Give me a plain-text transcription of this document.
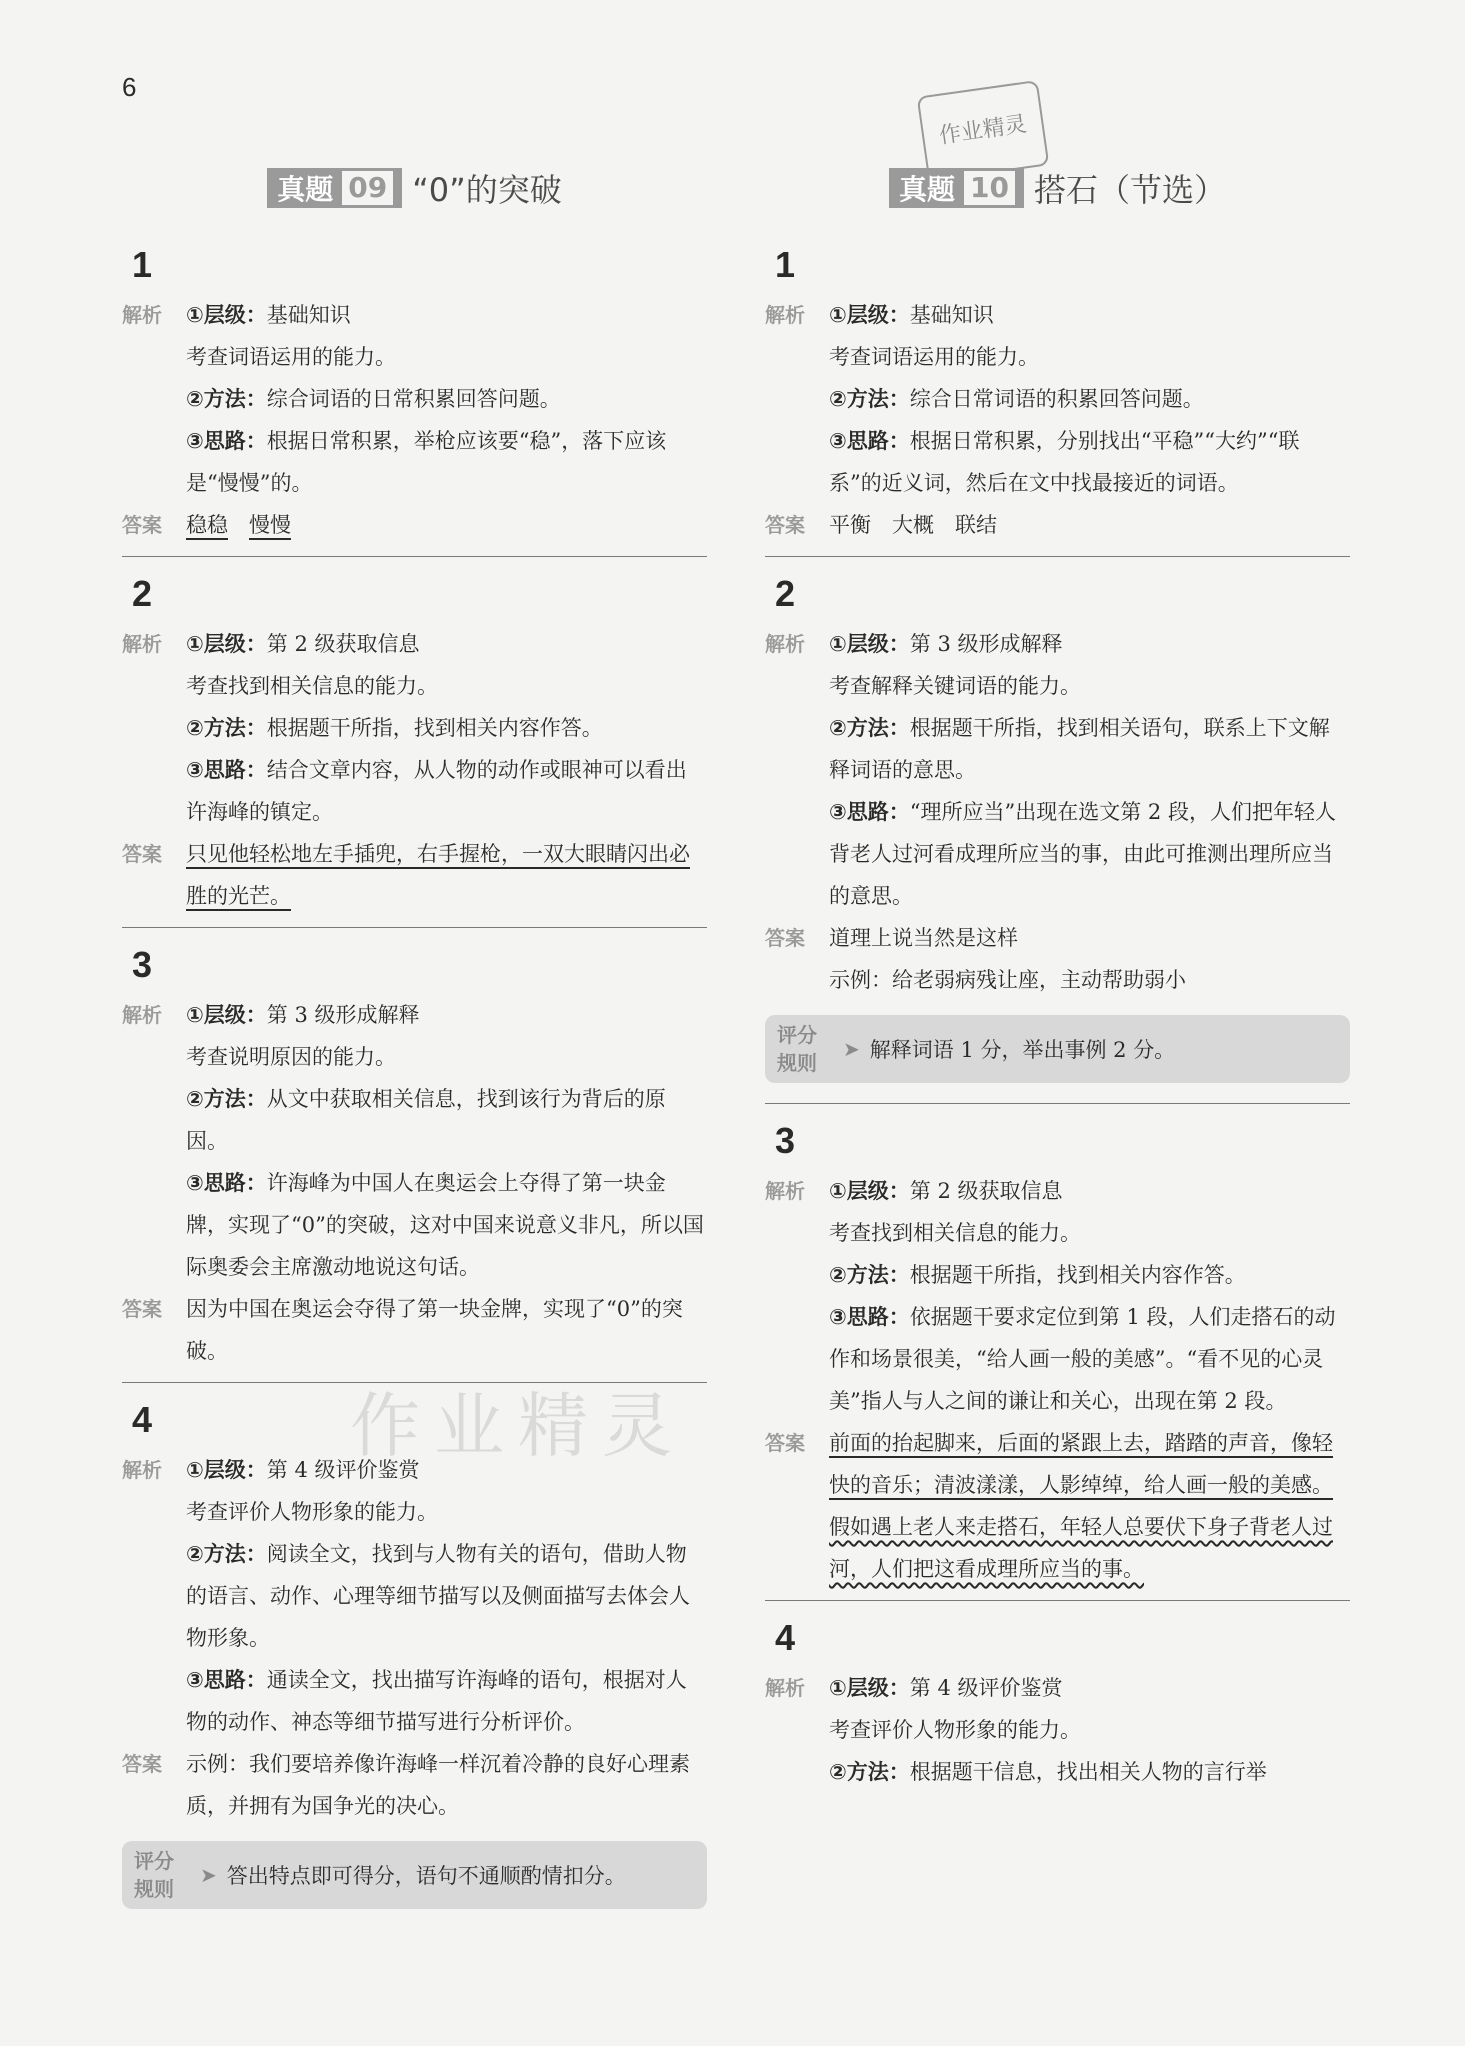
6
作业精灵
作业精灵
真题 09 “0”的突破
1
解析	①层级：基础知识

考查词语运用的能力。

②方法：综合词语的日常积累回答问题。

③思路：根据日常积累，举枪应该要“稳”，落下应该是“慢慢”的。

答案	稳稳　 慢慢
2
解析	①层级：第 2 级获取信息

考查找到相关信息的能力。

②方法：根据题干所指，找到相关内容作答。

③思路：结合文章内容，从人物的动作或眼神可以看出许海峰的镇定。

答案	只见他轻松地左手插兜，右手握枪，一双大眼睛闪出必胜的光芒。
3
解析	①层级：第 3 级形成解释

考查说明原因的能力。

②方法：从文中获取相关信息，找到该行为背后的原因。

③思路：许海峰为中国人在奥运会上夺得了第一块金牌，实现了“0”的突破，这对中国来说意义非凡，所以国际奥委会主席激动地说这句话。

答案	因为中国在奥运会夺得了第一块金牌，实现了“0”的突破。
4
解析	①层级：第 4 级评价鉴赏

考查评价人物形象的能力。

②方法：阅读全文，找到与人物有关的语句，借助人物的语言、动作、心理等细节描写以及侧面描写去体会人物形象。

③思路：通读全文，找出描写许海峰的语句，根据对人物的动作、神态等细节描写进行分析评价。

答案	示例：我们要培养像许海峰一样沉着冷静的良好心理素质，并拥有为国争光的决心。
评分规则
➤ 答出特点即可得分，语句不通顺酌情扣分。
真题 10 搭石（节选）
1
解析	①层级：基础知识

考查词语运用的能力。

②方法：综合日常词语的积累回答问题。

③思路：根据日常积累，分别找出“平稳”“大约”“联系”的近义词，然后在文中找最接近的词语。

答案	平衡　大概　联结
2
解析	①层级：第 3 级形成解释

考查解释关键词语的能力。

②方法：根据题干所指，找到相关语句，联系上下文解释词语的意思。

③思路：“理所应当”出现在选文第 2 段，人们把年轻人背老人过河看成理所应当的事，由此可推测出理所应当的意思。

答案	道理上说当然是这样

示例：给老弱病残让座，主动帮助弱小

评分规则
➤ 解释词语 1 分，举出事例 2 分。
3
解析	①层级：第 2 级获取信息

考查找到相关信息的能力。

②方法：根据题干所指，找到相关内容作答。

③思路：依据题干要求定位到第 1 段，人们走搭石的动作和场景很美，“给人画一般的美感”。“看不见的心灵美”指人与人之间的谦让和关心，出现在第 2 段。

答案	前面的抬起脚来，后面的紧跟上去，踏踏的声音，像轻快的音乐；清波漾漾，人影绰绰，给人画一般的美感。

假如遇上老人来走搭石，年轻人总要伏下身子背老人过河，人们把这看成理所应当的事。

4
解析	①层级：第 4 级评价鉴赏

考查评价人物形象的能力。

②方法：根据题干信息，找出相关人物的言行举
